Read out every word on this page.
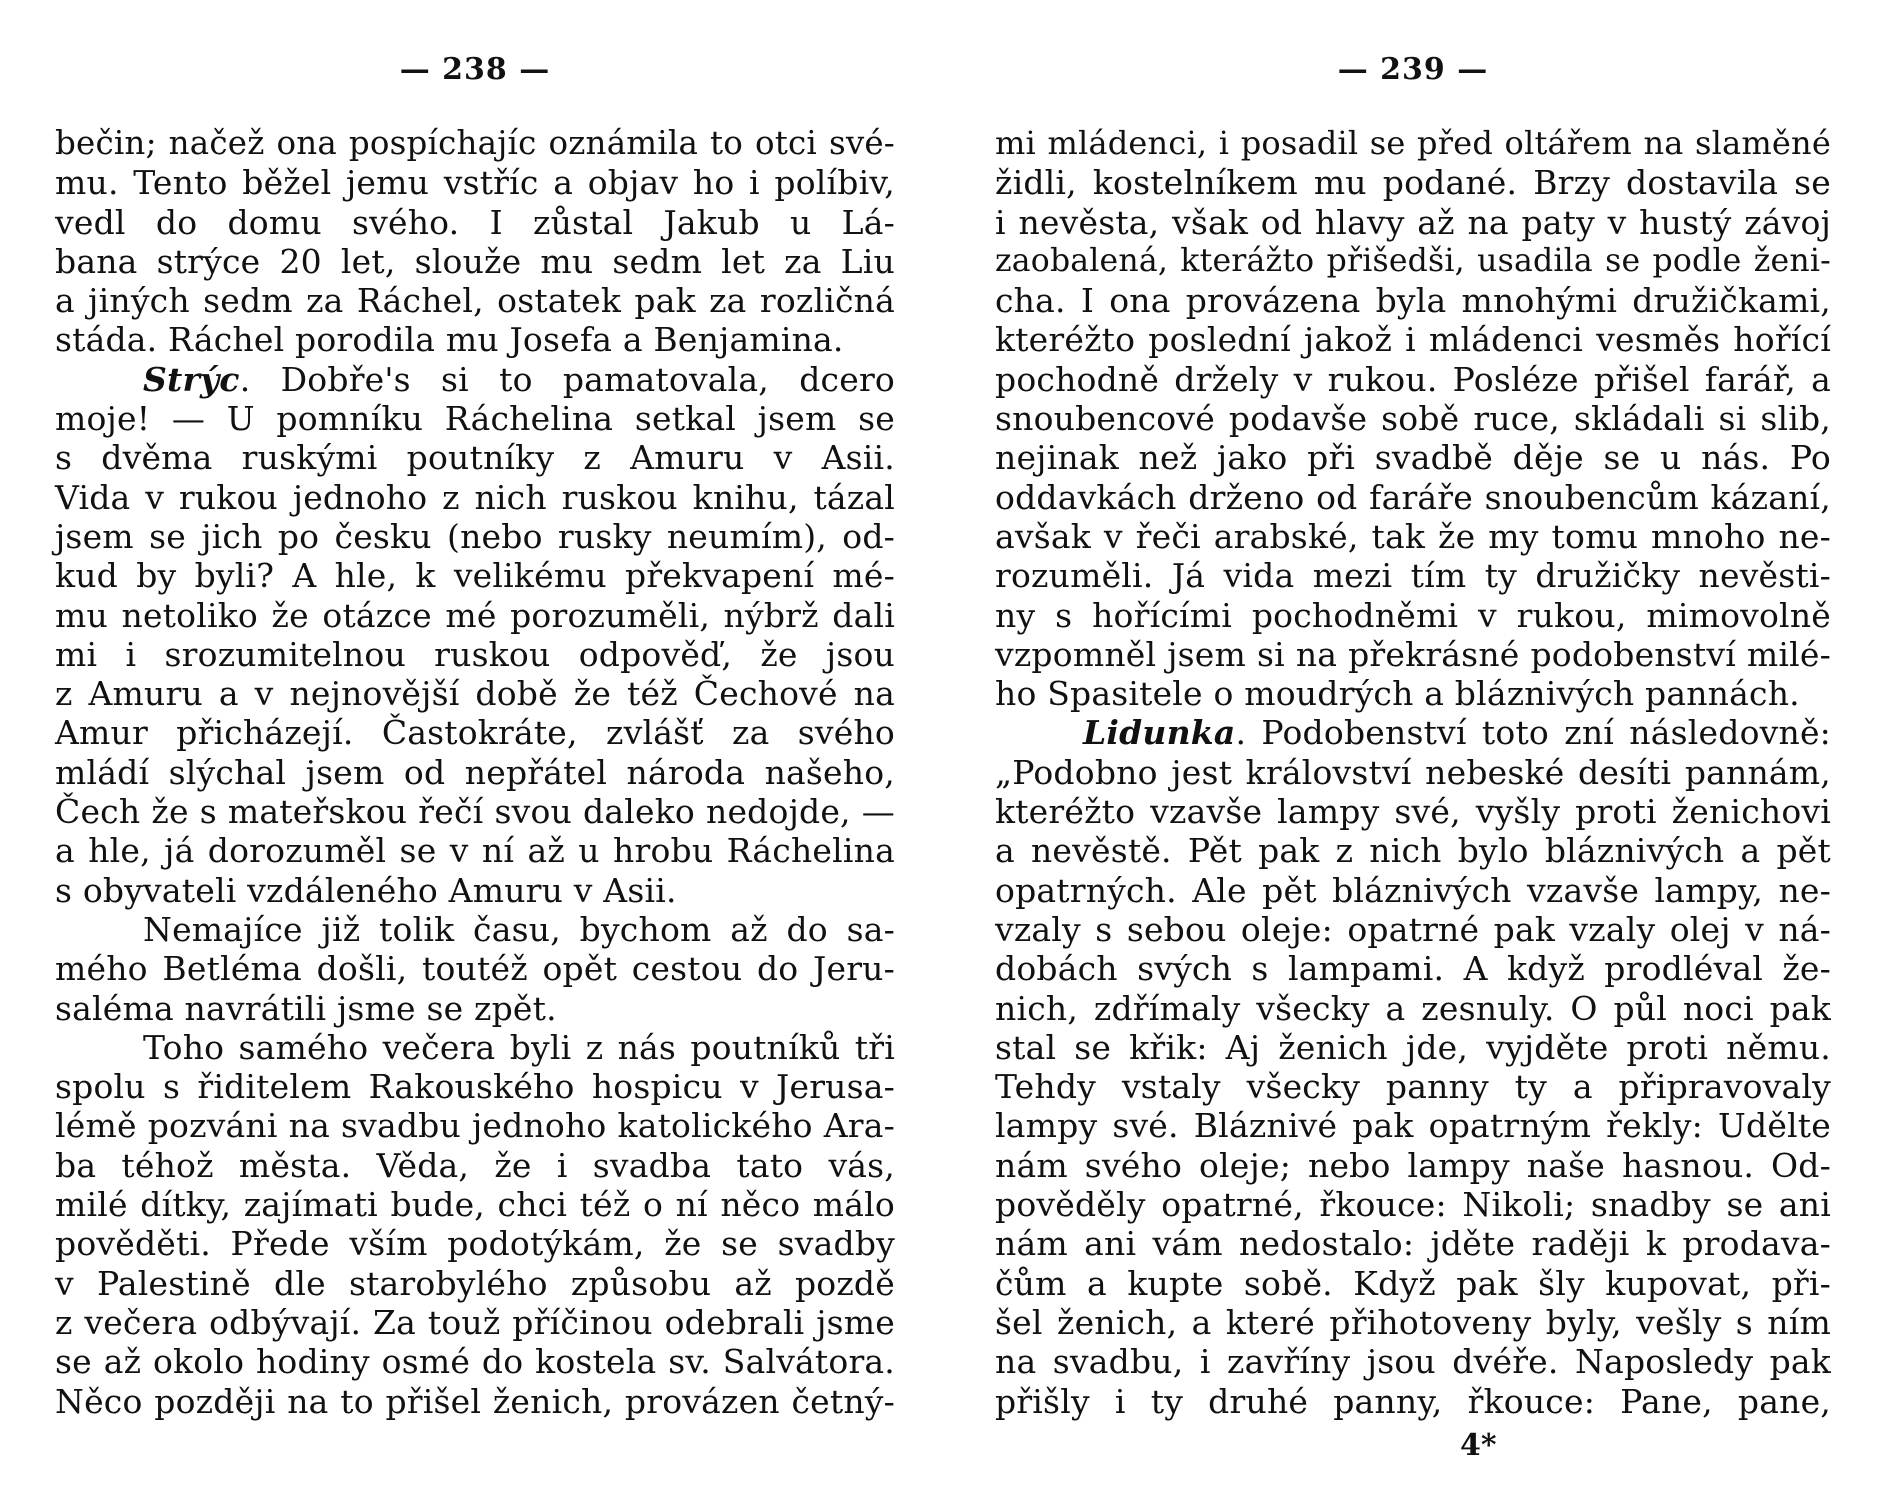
— 238 —
bečin; načež ona pospíchajíc oznámila to otci své-
mu. Tento běžel jemu vstříc a objav ho i políbiv,
vedl do domu svého. I zůstal Jakub u Lá-
bana strýce 20 let, slouže mu sedm let za Liu
a jiných sedm za Ráchel, ostatek pak za rozličná
stáda. Ráchel porodila mu Josefa a Benjamina.
Strýc. Dobře's si to pamatovala, dcero
moje! — U pomníku Ráchelina setkal jsem se
s dvěma ruskými poutníky z Amuru v Asii.
Vida v rukou jednoho z nich ruskou knihu, tázal
jsem se jich po česku (nebo rusky neumím), od-
kud by byli? A hle, k velikému překvapení mé-
mu netoliko že otázce mé porozuměli, nýbrž dali
mi i srozumitelnou ruskou odpověď, že jsou
z Amuru a v nejnovější době že též Čechové na
Amur přicházejí. Častokráte, zvlášť za svého
mládí slýchal jsem od nepřátel národa našeho,
Čech že s mateřskou řečí svou daleko nedojde, —
a hle, já dorozuměl se v ní až u hrobu Ráchelina
s obyvateli vzdáleného Amuru v Asii.
Nemajíce již tolik času, bychom až do sa-
mého Betléma došli, toutéž opět cestou do Jeru-
saléma navrátili jsme se zpět.
Toho samého večera byli z nás poutníků tři
spolu s řiditelem Rakouského hospicu v Jerusa-
lémě pozváni na svadbu jednoho katolického Ara-
ba téhož města. Věda, že i svadba tato vás,
milé dítky, zajímati bude, chci též o ní něco málo
pověděti. Přede vším podotýkám, že se svadby
v Palestině dle starobylého způsobu až pozdě
z večera odbývají. Za touž příčinou odebrali jsme
se až okolo hodiny osmé do kostela sv. Salvátora.
Něco později na to přišel ženich, provázen četný-
— 239 —
mi mládenci, i posadil se před oltářem na slaměné
židli, kostelníkem mu podané. Brzy dostavila se
i nevěsta, však od hlavy až na paty v hustý závoj
zaobalená, kterážto přišedši, usadila se podle ženi-
cha. I ona provázena byla mnohými družičkami,
kteréžto poslední jakož i mládenci vesměs hořící
pochodně držely v rukou. Posléze přišel farář, a
snoubencové podavše sobě ruce, skládali si slib,
nejinak než jako při svadbě děje se u nás. Po
oddavkách drženo od faráře snoubencům kázaní,
avšak v řeči arabské, tak že my tomu mnoho ne-
rozuměli. Já vida mezi tím ty družičky nevěsti-
ny s hořícími pochodněmi v rukou, mimovolně
vzpomněl jsem si na překrásné podobenství milé-
ho Spasitele o moudrých a bláznivých pannách.
Lidunka. Podobenství toto zní následovně:
„Podobno jest království nebeské desíti pannám,
kteréžto vzavše lampy své, vyšly proti ženichovi
a nevěstě. Pět pak z nich bylo bláznivých a pět
opatrných. Ale pět bláznivých vzavše lampy, ne-
vzaly s sebou oleje: opatrné pak vzaly olej v ná-
dobách svých s lampami. A když prodléval že-
nich, zdřímaly všecky a zesnuly. O půl noci pak
stal se křik: Aj ženich jde, vyjděte proti němu.
Tehdy vstaly všecky panny ty a připravovaly
lampy své. Bláznivé pak opatrným řekly: Udělte
nám svého oleje; nebo lampy naše hasnou. Od-
pověděly opatrné, řkouce: Nikoli; snadby se ani
nám ani vám nedostalo: jděte raději k prodava-
čům a kupte sobě. Když pak šly kupovat, při-
šel ženich, a které přihotoveny byly, vešly s ním
na svadbu, i zavříny jsou dvéře. Naposledy pak
přišly i ty druhé panny, řkouce: Pane, pane,
4*
